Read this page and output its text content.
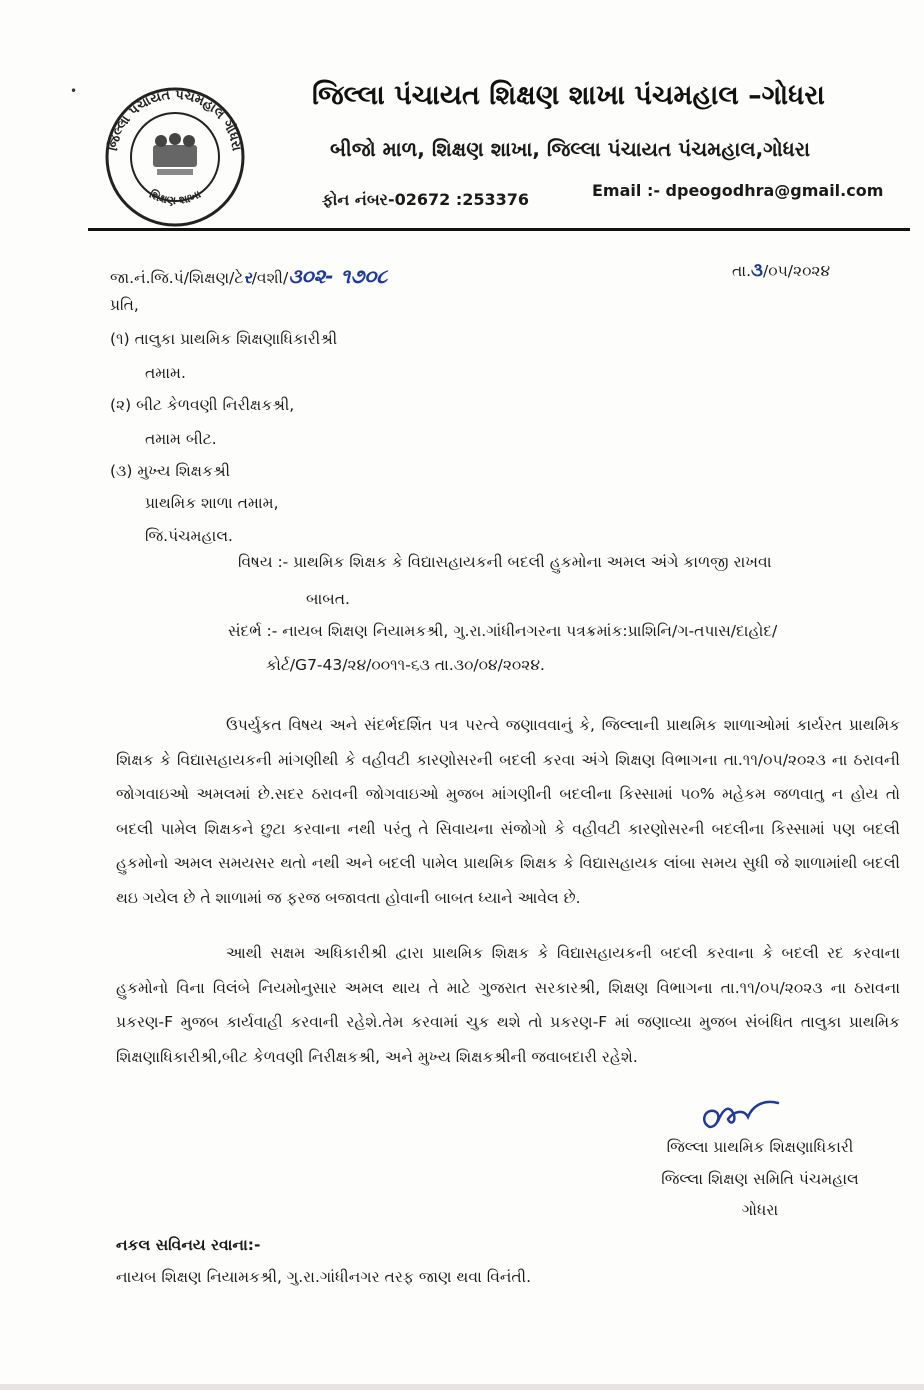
•
જિલ્લા પંચાયત પંચમહાલ ગોધરા
શિક્ષણ શાખા
જિલ્લા પંચાયત શિક્ષણ શાખા પંચમહાલ –ગોધરા
બીજો માળ, શિક્ષણ શાખા, જિલ્લા પંચાયત પંચમહાલ,ગોધરા
ફોન નંબર-02672 :253376	Email :- dpeogodhra@gmail.com
જા.નં.જિ.પં/શિક્ષણ/ટેર/વશી/૩૦૨- ૧૭૦૮	તા.૩/૦૫/૨૦૨૪
પ્રતિ,
(૧) તાલુકા પ્રાથમિક શિક્ષણાધિકારીશ્રી
તમામ.
(૨) બીટ કેળવણી નિરીક્ષકશ્રી,
તમામ બીટ.
(૩) મુખ્ય શિક્ષકશ્રી
પ્રાથમિક શાળા તમામ,
જિ.પંચમહાલ.
વિષય :- પ્રાથમિક શિક્ષક કે વિદ્યાસહાયકની બદલી હુકમોના અમલ અંગે કાળજી રાખવા
બાબત.
સંદર્ભ :- નાયબ શિક્ષણ નિયામકશ્રી, ગુ.રા.ગાંધીનગરના પત્રક્રમાંક:પ્રાશિનિ/ગ-તપાસ/દાહોદ/
કોર્ટ/G7-43/૨૪/૦૦૧૧-૬૩ તા.૩૦/૦૪/૨૦૨૪.
ઉપર્યુકત વિષય અને સંદર્ભદર્શિત પત્ર પરત્વે જણાવવાનું કે, જિલ્લાની પ્રાથમિક શાળાઓમાં કાર્યરત પ્રાથમિક શિક્ષક કે વિદ્યાસહાયકની માંગણીથી કે વહીવટી કારણોસરની બદલી કરવા અંગે શિક્ષણ વિભાગના તા.૧૧/૦૫/૨૦૨૩ ના ઠરાવની જોગવાઇઓ અમલમાં છે.સદર ઠરાવની જોગવાઇઓ મુજબ માંગણીની બદલીના કિસ્સામાં ૫૦% મહેકમ જળવાતુ ન હોય તો બદલી પામેલ શિક્ષકને છુટા કરવાના નથી પરંતુ તે સિવાયના સંજોગો કે વહીવટી કારણોસરની બદલીના કિસ્સામાં પણ બદલી હુકમોનો અમલ સમયસર થતો નથી અને બદલી પામેલ પ્રાથમિક શિક્ષક કે વિદ્યાસહાયક લાંબા સમય સુધી જે શાળામાંથી બદલી થઇ ગયેલ છે તે શાળામાં જ ફરજ બજાવતા હોવાની બાબત ધ્યાને આવેલ છે.
આથી સક્ષમ અધિકારીશ્રી દ્વારા પ્રાથમિક શિક્ષક કે વિદ્યાસહાયકની બદલી કરવાના કે બદલી રદ કરવાના હુકમોનો વિના વિલંબે નિયમોનુસાર અમલ થાય તે માટે ગુજરાત સરકારશ્રી, શિક્ષણ વિભાગના તા.૧૧/૦૫/૨૦૨૩ ના ઠરાવના પ્રકરણ-F મુજબ કાર્યવાહી કરવાની રહેશે.તેમ કરવામાં ચુક થશે તો પ્રકરણ-F માં જણાવ્યા મુજબ સંબંધિત તાલુકા પ્રાથમિક શિક્ષણાધિકારીશ્રી,બીટ કેળવણી નિરીક્ષકશ્રી, અને મુખ્ય શિક્ષકશ્રીની જવાબદારી રહેશે.
જિલ્લા પ્રાથમિક શિક્ષણાધિકારી
જિલ્લા શિક્ષણ સમિતિ પંચમહાલ
ગોધરા
નકલ સવિનય રવાના:-
નાયબ શિક્ષણ નિયામકશ્રી, ગુ.રા.ગાંધીનગર તરફ જાણ થવા વિનંતી.
